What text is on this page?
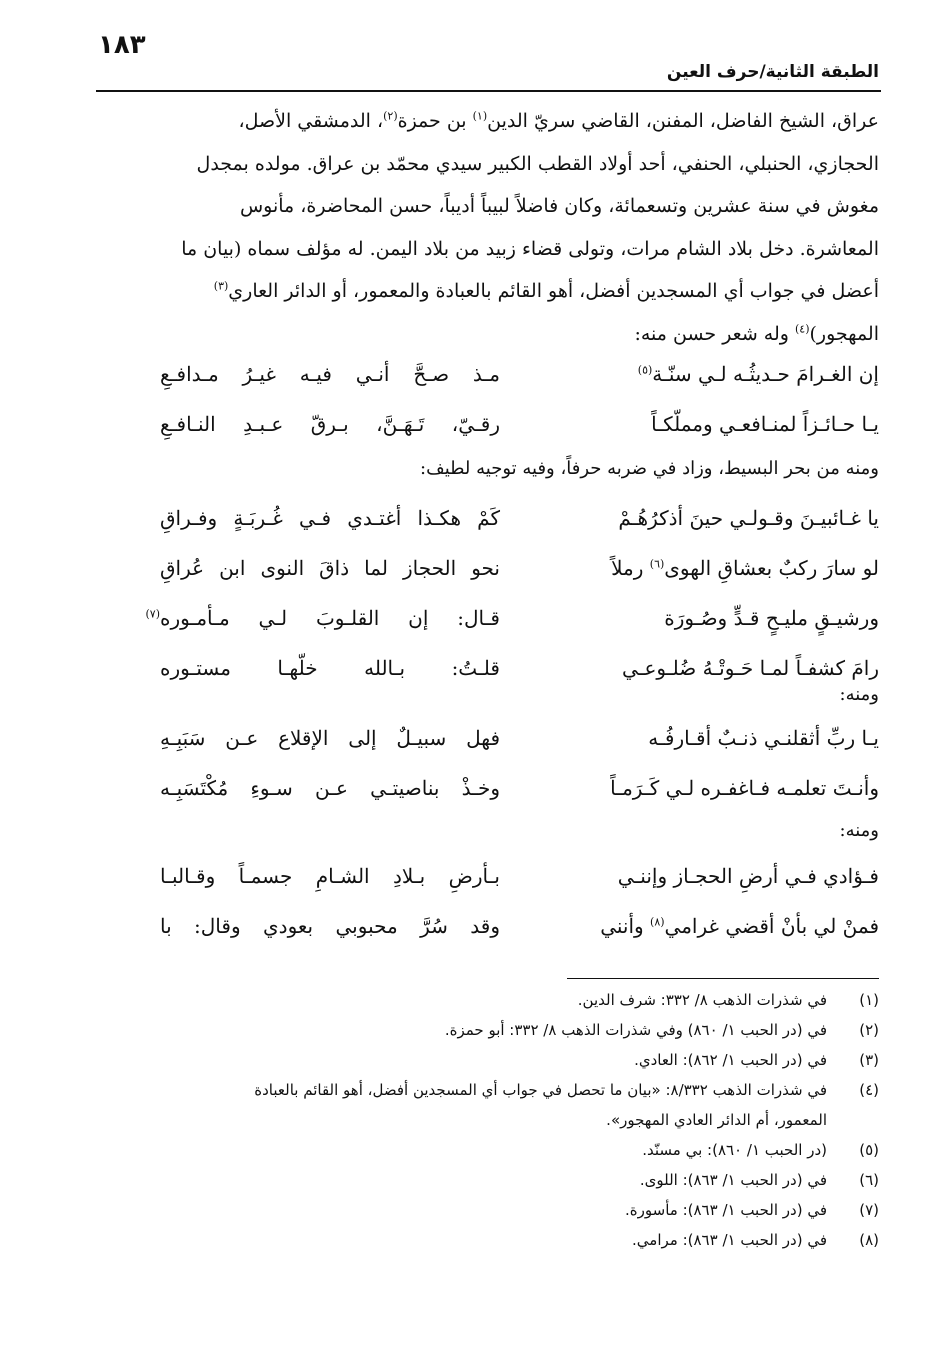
١٨٣
الطبقة الثانية/حرف العين

عراق، الشيخ الفاضل، المفنن، القاضي سريّ الدين$^{(١)}$ بن حمزة$^{(٢)}$، الدمشقي الأصل،

الحجازي، الحنبلي، الحنفي، أحد أولاد القطب الكبير سيدي محمّد بن عراق. مولده بمجدل

مغوش في سنة عشرين وتسعمائة، وكان فاضلاً لبيباً أديباً، حسن المحاضرة، مأنوس

المعاشرة. دخل بلاد الشام مرات، وتولى قضاء زبيد من بلاد اليمن. له مؤلف سماه (بيان ما

أعضل في جواب أي المسجدين أفضل، أهو القائم بالعبادة والمعمور، أو الدائر العاري$^{(٣)}$

المهجور)$^{(٤)}$ وله شعر حسن منه:

إن الغـرامَ حـديثُـه لـي سنّـة$^{(٥)}$
مـذ صـحَّ أنـي فيـه غيـرُ مـدافـعِ
يـا حـائـزاً لمنـافعـي ومملّكـاً
رقـيّ، تَـهَـنَّ، بـرقّ عـبـدِ النـافـعِ
ومنه من بحر البسيط، وزاد في ضربه حرفاً، وفيه توجيه لطيف:
يا غـائبيـنَ وقـولـي حينَ أذكرُهُـمْ
كَمْ هكـذا أغتـدي فـي غُـربَـةٍ وفـراقِ
لو سارَ ركبٌ بعشاقِ الهوى$^{(٦)}$ رملاً
نحو الحجاز لما ذاقَ النوى ابن عُراقِ
ورشيـقٍ مليـحٍ قـدٍّ وصُـورَة
قـال: إن القلـوبَ لـي مـأمـوره$^{(٧)}$
رامَ كشفـاً لمـا حَـوتْـهُ ضُلـوعـي
قلـتُ: بـالله خلّهـا مستـوره
ومنه:
يـا ربِّ أثقلنـي ذنـبٌ أقـارفُـه
فهل سبيـلٌ إلى الإقلاع عـن سَبَبِـهِ
وأنـتَ تعلمـه فـاغفـره لـي كَـرَمـاً
وخـذْ بناصيتـي عـن سـوءِ مُكْتَسَبِـه
ومنه:
فـؤادي فـي أرضِ الحجـاز وإننـي
بـأرضِ بـلادِ الشـامِ جسمـاً وقـالبـا
فمنْ لي بأنْ أقضي غرامي$^{(٨)}$ وأنني
وقد سُرَّ محبوبي بعودي وقال: با
(١)
في شذرات الذهب ٨/ ٣٣٢: شرف الدين.
(٢)
في (در الحبب ١/ ٨٦٠) وفي شذرات الذهب ٨/ ٣٣٢: أبو حمزة.
(٣)
في (در الحبب ١/ ٨٦٢): العادي.
(٤)
في شذرات الذهب ٨/٣٣٢: «بيان ما تحصل في جواب أي المسجدين أفضل، أهو القائم بالعبادة
المعمور، أم الدائر العادي المهجور».
(٥)
(در الحبب ١/ ٨٦٠): بي مسنّد.
(٦)
في (در الحبب ١/ ٨٦٣): اللوى.
(٧)
في (در الحبب ١/ ٨٦٣): مأسورة.
(٨)
في (در الحبب ١/ ٨٦٣): مرامي.
